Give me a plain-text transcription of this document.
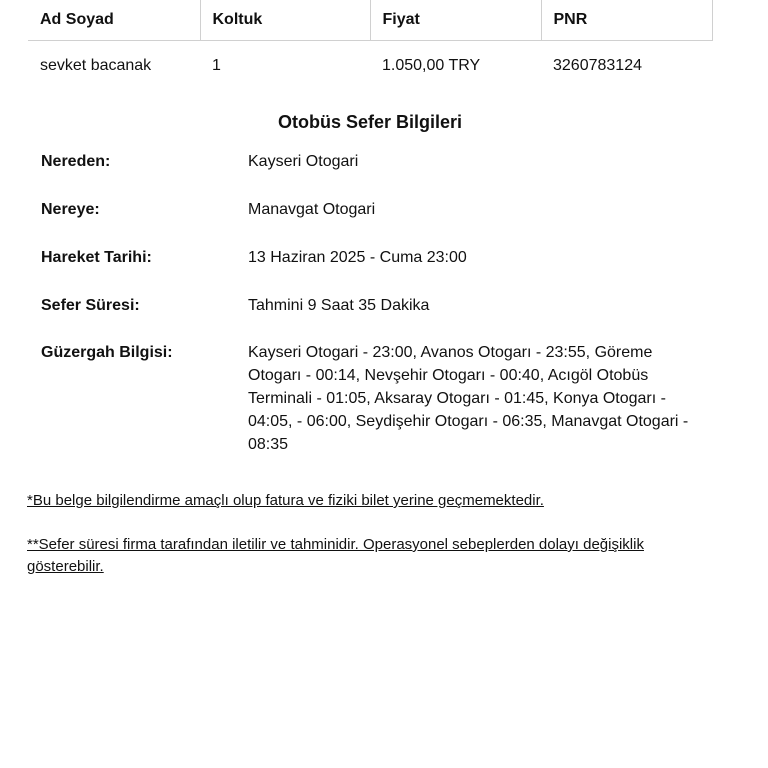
Ad Soyad	Koltuk	Fiyat	PNR
sevket bacanak	1	1.050,00 TRY	3260783124
Otobüs Sefer Bilgileri
Nereden:	Kayseri Otogari
Nereye:	Manavgat Otogari
Hareket Tarihi:	13 Haziran 2025 - Cuma 23:00
Sefer Süresi:	Tahmini 9 Saat 35 Dakika
Güzergah Bilgisi:	Kayseri Otogari - 23:00, Avanos Otogarı - 23:55, Göreme Otogarı - 00:14, Nevşehir Otogarı - 00:40, Acıgöl Otobüs Terminali - 01:05, Aksaray Otogarı - 01:45, Konya Otogarı - 04:05, - 06:00, Seydişehir Otogarı - 06:35, Manavgat Otogari - 08:35
*Bu belge bilgilendirme amaçlı olup fatura ve fiziki bilet yerine geçmemektedir.
**Sefer süresi firma tarafından iletilir ve tahminidir. Operasyonel sebeplerden dolayı değişiklik gösterebilir.
